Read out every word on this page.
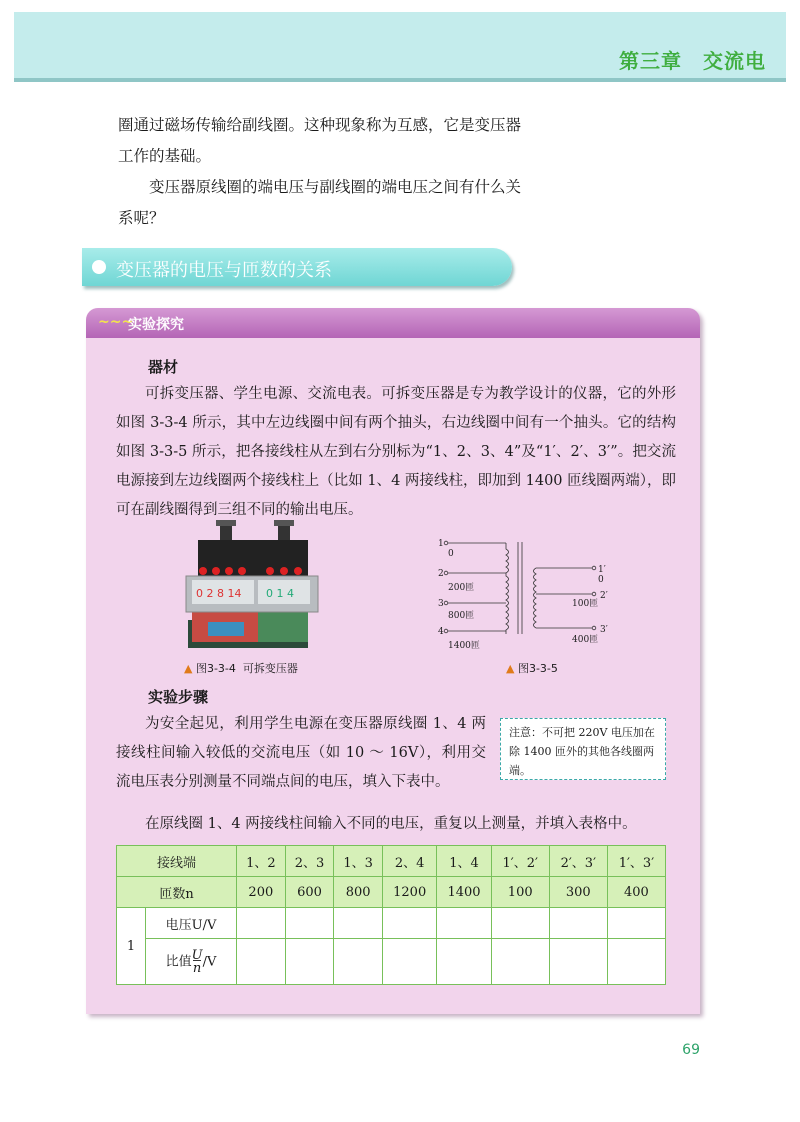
第三章　交流电

圈通过磁场传输给副线圈。这种现象称为互感，它是变压器工作的基础。

变压器原线圈的端电压与副线圈的端电压之间有什么关系呢？

变压器的电压与匝数的关系
~~~
实验探究
器材

可拆变压器、学生电源、交流电表。可拆变压器是专为教学设计的仪器，它的外形如图 3-3-4 所示，其中左边线圈中间有两个抽头，右边线圈中间有一个抽头。它的结构如图 3-3-5 所示，把各接线柱从左到右分别标为“1、2、3、4”及“1′、2′、3′”。把交流电源接到左边线圈两个接线柱上（比如 1、4 两接线柱，即加到 1400 匝线圈两端），即可在副线圈得到三组不同的输出电压。

0 2 8 14 0 1 4
▲ 图3-3-4 可拆变压器
1
0
2
200匝
3
800匝
4
1400匝
1′
0
2′
100匝
3′
400匝
▲ 图3-3-5
实验步骤

为安全起见，利用学生电源在变压器原线圈 1、4 两接线柱间输入较低的交流电压（如 10 ～ 16V），利用交流电压表分别测量不同端点间的电压，填入下表中。

注意：不可把 220V 电压加在除 1400 匝外的其他各线圈两端。

在原线圈 1、4 两接线柱间输入不同的电压，重复以上测量，并填入表格中。

接线端		1、2	2、3	1、3	2、4	1、4	1′、2′	2′、3′	1′、3′
匝数n		200	600	800	1200	1400	100	300	400
1	电压U/V								
	比值$\frac{U}{n}/V$								
69
